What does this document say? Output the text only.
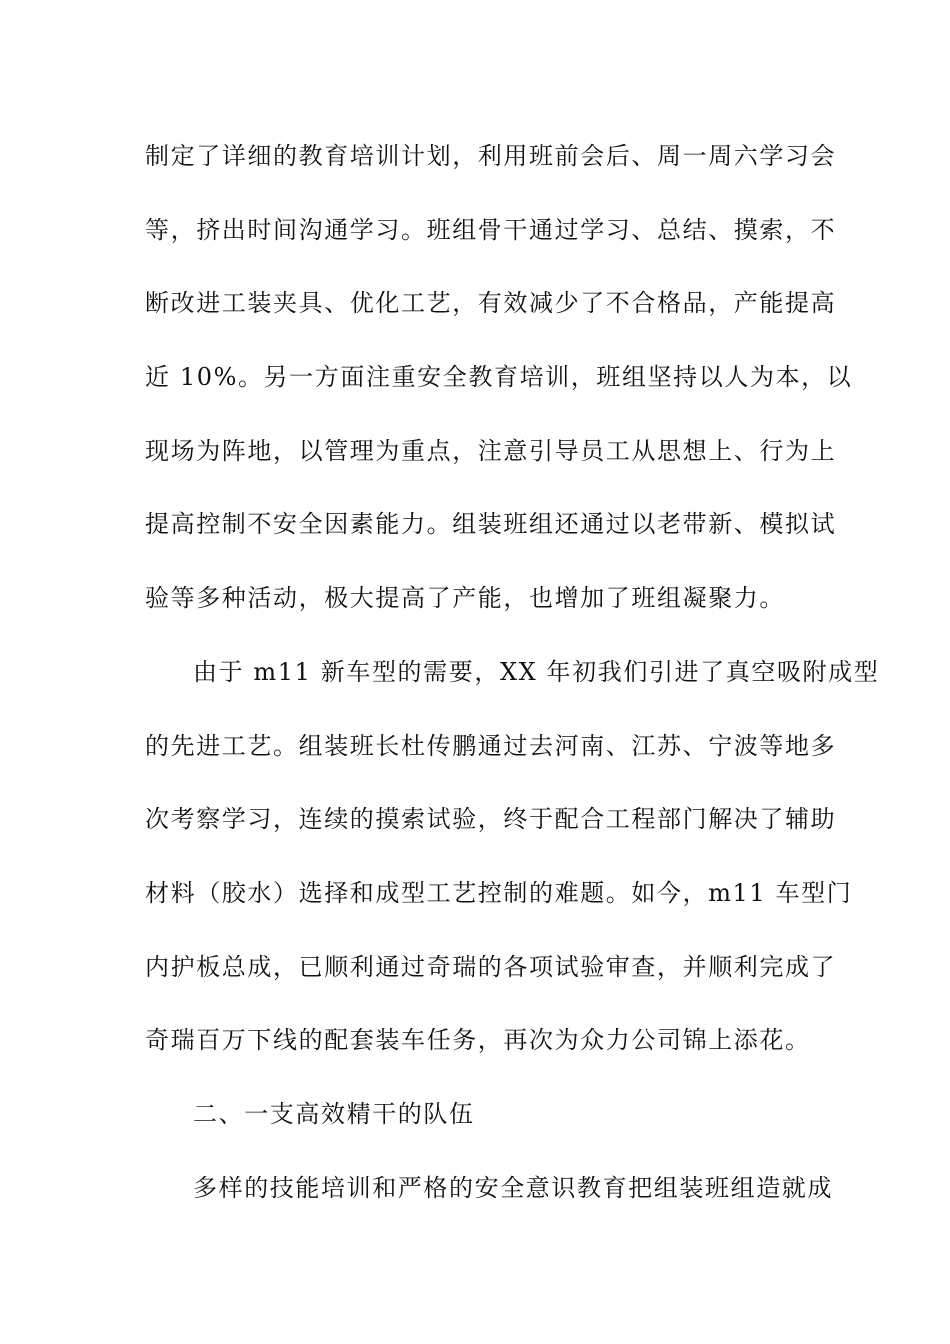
制定了详细的教育培训计划，利用班前会后、周一周六学习会
等，挤出时间沟通学习。班组骨干通过学习、总结、摸索，不
断改进工装夹具、优化工艺，有效减少了不合格品，产能提高
近 10%。另一方面注重安全教育培训，班组坚持以人为本，以
现场为阵地，以管理为重点，注意引导员工从思想上、行为上
提高控制不安全因素能力。组装班组还通过以老带新、模拟试
验等多种活动，极大提高了产能，也增加了班组凝聚力。
由于 m11 新车型的需要，XX 年初我们引进了真空吸附成型
的先进工艺。组装班长杜传鹏通过去河南、江苏、宁波等地多
次考察学习，连续的摸索试验，终于配合工程部门解决了辅助
材料（胶水）选择和成型工艺控制的难题。如今，m11 车型门
内护板总成，已顺利通过奇瑞的各项试验审查，并顺利完成了
奇瑞百万下线的配套装车任务，再次为众力公司锦上添花。
二、一支高效精干的队伍
多样的技能培训和严格的安全意识教育把组装班组造就成
